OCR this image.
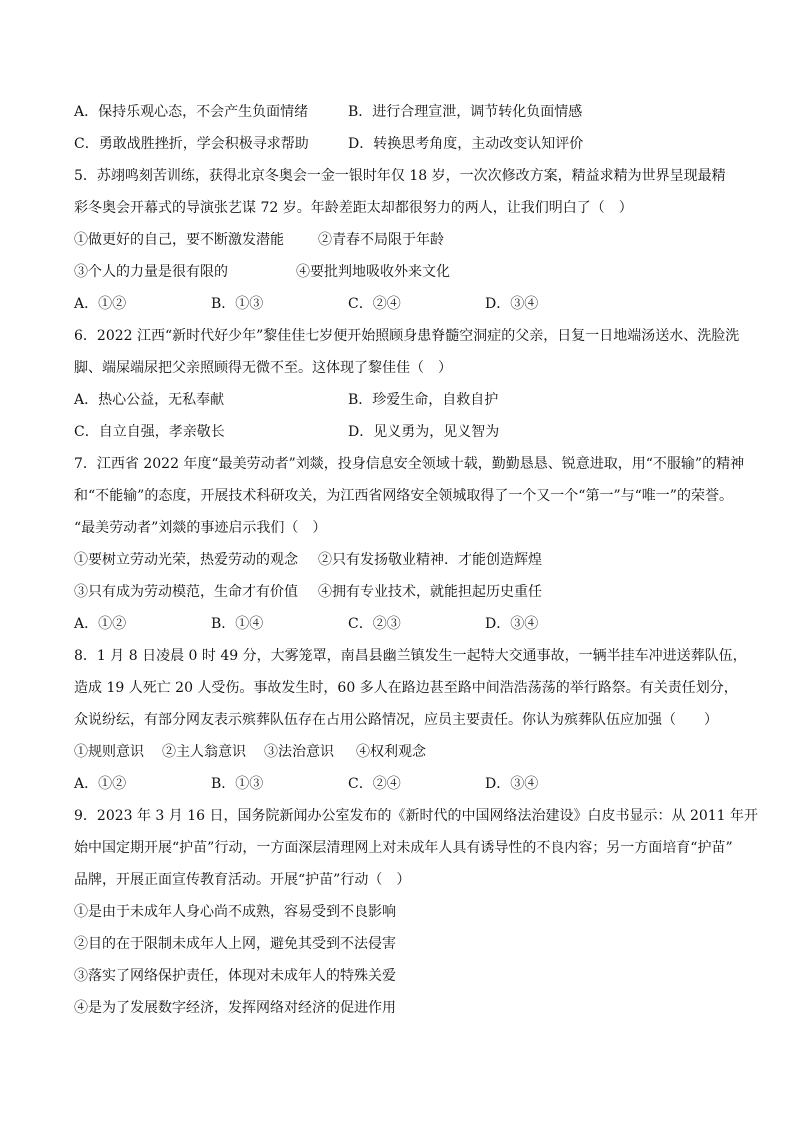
A．保持乐观心态，不会产生负面情绪	B．进行合理宣泄，调节转化负面情感
C．勇敢战胜挫折，学会积极寻求帮助	D．转换思考角度，主动改变认知评价
5．苏翊鸣刻苦训练，获得北京冬奥会一金一银时年仅 18 岁，一次次修改方案，精益求精为世界呈现最精
彩冬奥会开幕式的导演张艺谋 72 岁。年龄差距太却都很努力的两人，让我们明白了（　）
①做更好的自己，要不断激发潜能 ②青春不局限于年龄
③个人的力量是很有限的	④要批判地吸收外来文化
A．①②	B．①③	C．②④	D．③④
6．2022 江西“新时代好少年”黎佳佳七岁便开始照顾身患脊髓空洞症的父亲，日复一日地端汤送水、洗脸洗
脚、端屎端尿把父亲照顾得无微不至。这体现了黎佳佳（　）
A．热心公益，无私奉献	B．珍爱生命，自救自护
C．自立自强，孝亲敬长	D．见义勇为，见义智为
7．江西省 2022 年度“最美劳动者”刘燚，投身信息安全领域十载，勤勤恳恳、锐意进取，用“不服输”的精神
和“不能输”的态度，开展技术科研攻关，为江西省网络安全领城取得了一个又一个“第一”与“唯一”的荣誉。
“最美劳动者”刘燚的事迹启示我们（　）
①要树立劳动光荣，热爱劳动的观念 ②只有发扬敬业精神．才能创造辉煌
③只有成为劳动模范，生命才有价值 ④拥有专业技术，就能担起历史重任
A．①②	B．①④	C．②③	D．③④
8．1 月 8 日凌晨 0 时 49 分，大雾笼罩，南昌县幽兰镇发生一起特大交通事故，一辆半挂车冲进送葬队伍，
造成 19 人死亡 20 人受伤。事故发生时，60 多人在路边甚至路中间浩浩荡荡的举行路祭。有关责任划分，
众说纷纭，有部分网友表示殡葬队伍存在占用公路情况，应员主要责任。你认为殡葬队伍应加强（　　）
①规则意识 ②主人翁意识 ③法治意识 ④权利观念
A．①②	B．①③	C．②④	D．③④
9．2023 年 3 月 16 日，国务院新闻办公室发布的《新时代的中国网络法治建设》白皮书显示：从 2011 年开
始中国定期开展“护苗”行动，一方面深层清理网上对未成年人具有诱导性的不良内容；另一方面培育“护苗”
品牌，开展正面宣传教育活动。开展“护苗”行动（　）
①是由于未成年人身心尚不成熟，容易受到不良影响
②目的在于限制未成年人上网，避免其受到不法侵害
③落实了网络保护责任，体现对未成年人的特殊关爱
④是为了发展数字经济，发挥网络对经济的促进作用
